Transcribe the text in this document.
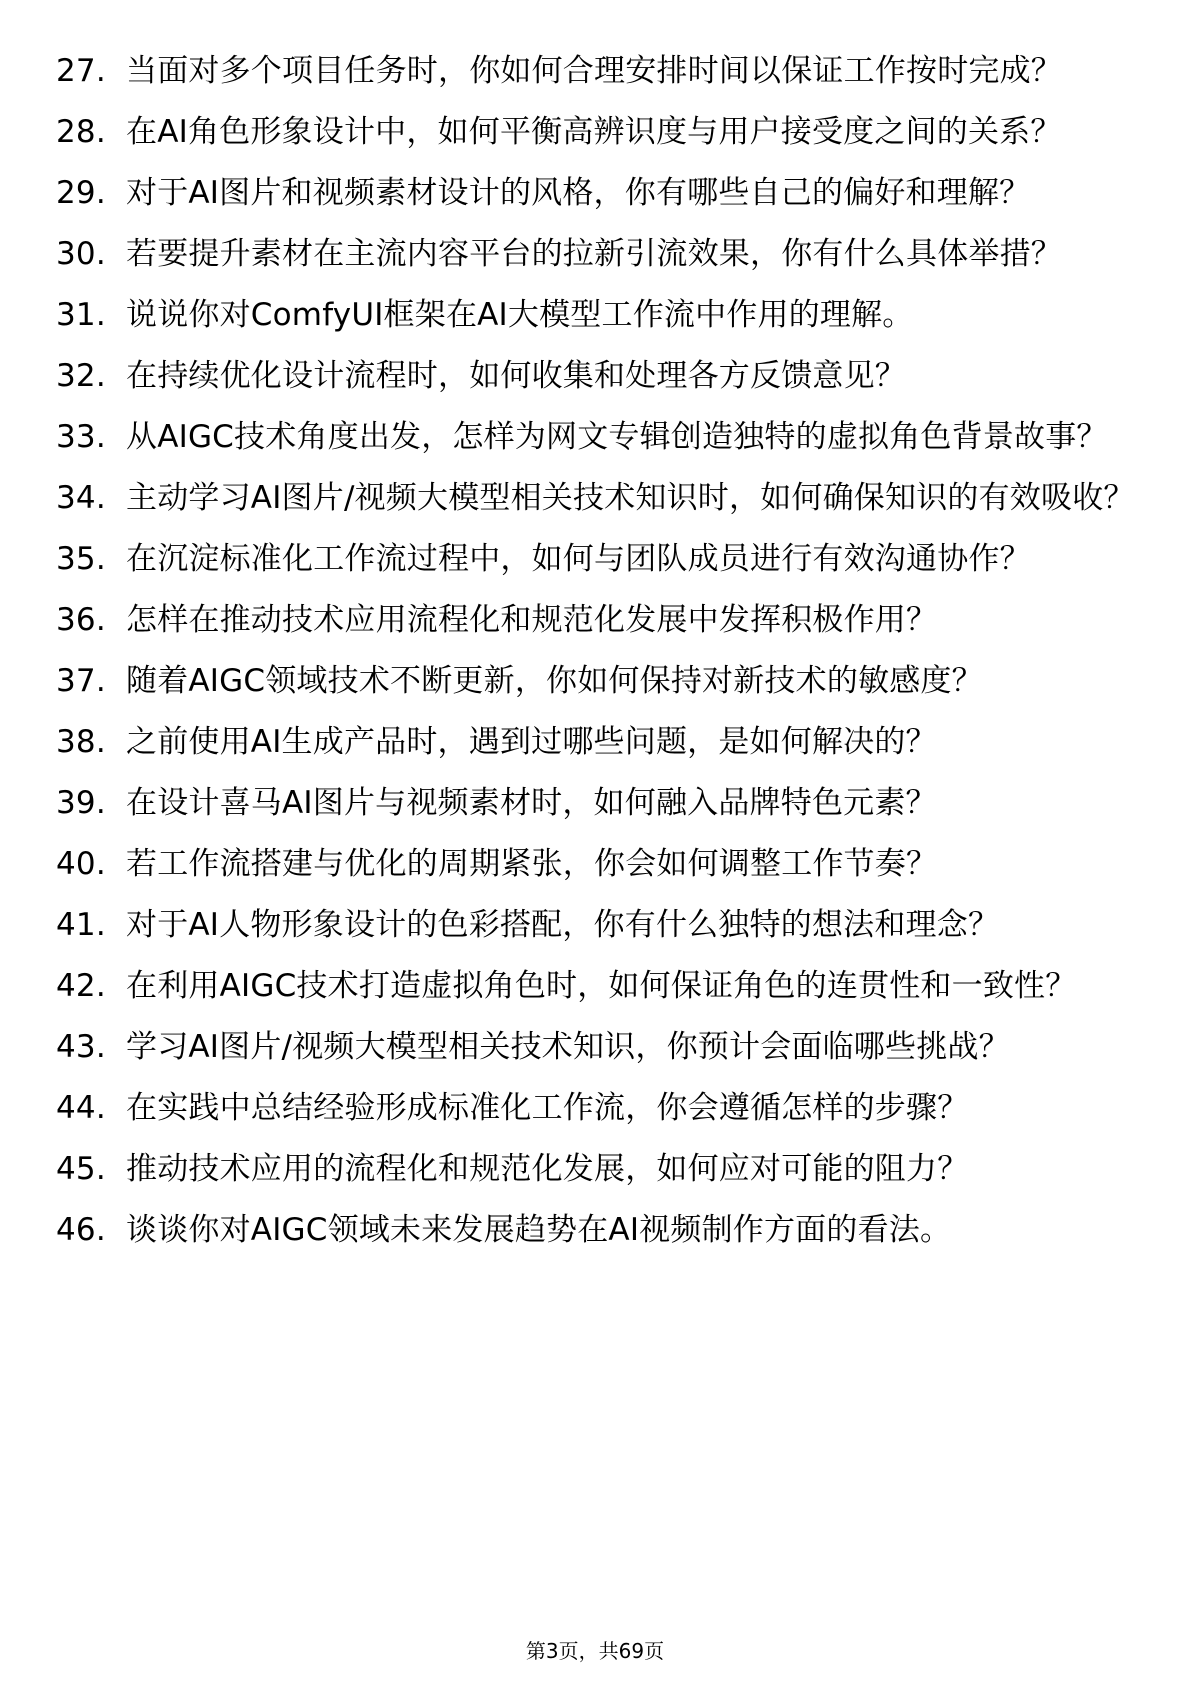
27. 当面对多个项目任务时，你如何合理安排时间以保证工作按时完成？
28. 在AI角色形象设计中，如何平衡高辨识度与用户接受度之间的关系？
29. 对于AI图片和视频素材设计的风格，你有哪些自己的偏好和理解？
30. 若要提升素材在主流内容平台的拉新引流效果，你有什么具体举措？
31. 说说你对ComfyUI框架在AI大模型工作流中作用的理解。
32. 在持续优化设计流程时，如何收集和处理各方反馈意见？
33. 从AIGC技术角度出发，怎样为网文专辑创造独特的虚拟角色背景故事？
34. 主动学习AI图片/视频大模型相关技术知识时，如何确保知识的有效吸收？
35. 在沉淀标准化工作流过程中，如何与团队成员进行有效沟通协作？
36. 怎样在推动技术应用流程化和规范化发展中发挥积极作用？
37. 随着AIGC领域技术不断更新，你如何保持对新技术的敏感度？
38. 之前使用AI生成产品时，遇到过哪些问题，是如何解决的？
39. 在设计喜马AI图片与视频素材时，如何融入品牌特色元素？
40. 若工作流搭建与优化的周期紧张，你会如何调整工作节奏？
41. 对于AI人物形象设计的色彩搭配，你有什么独特的想法和理念？
42. 在利用AIGC技术打造虚拟角色时，如何保证角色的连贯性和一致性？
43. 学习AI图片/视频大模型相关技术知识，你预计会面临哪些挑战？
44. 在实践中总结经验形成标准化工作流，你会遵循怎样的步骤？
45. 推动技术应用的流程化和规范化发展，如何应对可能的阻力？
46. 谈谈你对AIGC领域未来发展趋势在AI视频制作方面的看法。
第3页，共69页
